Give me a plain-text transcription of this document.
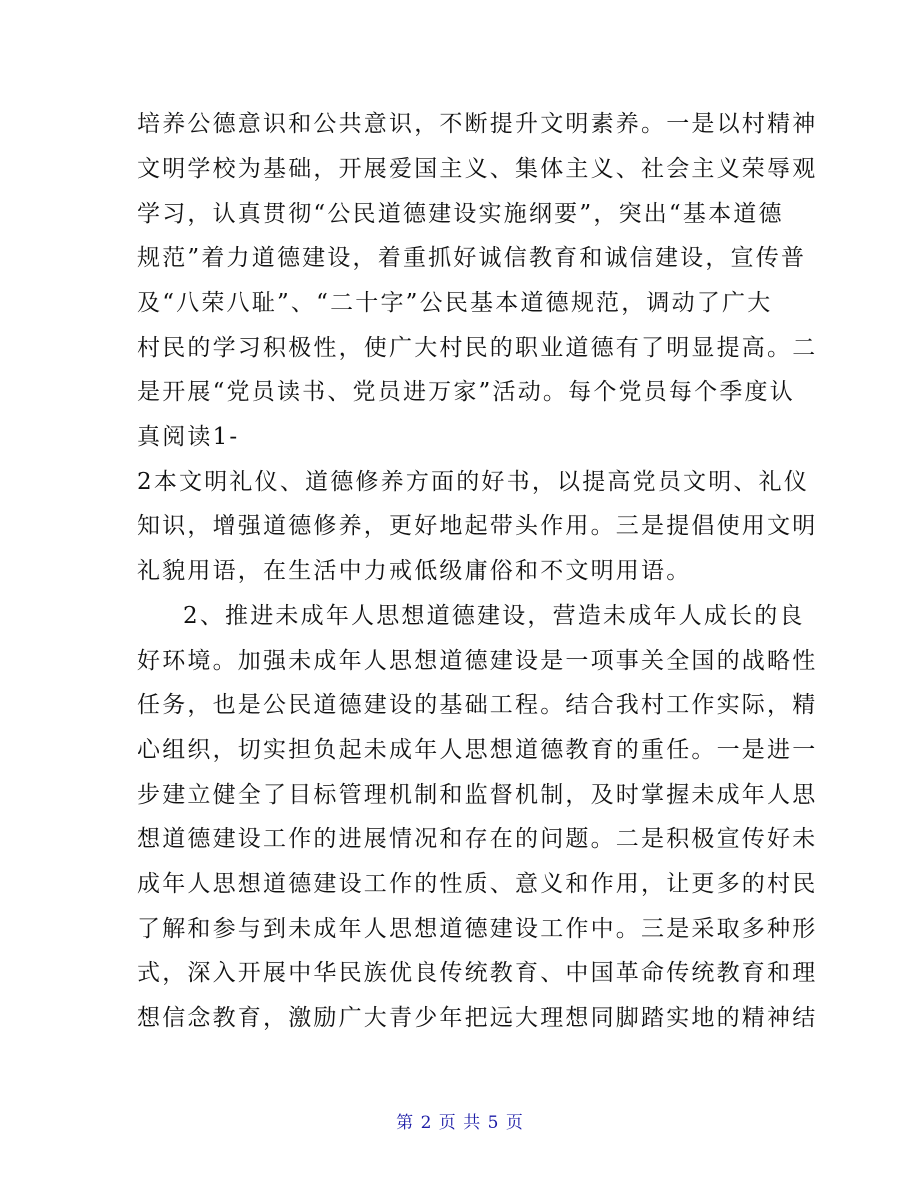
培养公德意识和公共意识，不断提升文明素养。一是以村精神

文明学校为基础，开展爱国主义、集体主义、社会主义荣辱观

学习，认真贯彻“公民道德建设实施纲要”，突出“基本道德

规范”着力道德建设，着重抓好诚信教育和诚信建设，宣传普

及“八荣八耻”、“二十字”公民基本道德规范，调动了广大

村民的学习积极性，使广大村民的职业道德有了明显提高。二

是开展“党员读书、党员进万家”活动。每个党员每个季度认

真阅读1-

2本文明礼仪、道德修养方面的好书，以提高党员文明、礼仪

知识，增强道德修养，更好地起带头作用。三是提倡使用文明

礼貌用语，在生活中力戒低级庸俗和不文明用语。

2、推进未成年人思想道德建设，营造未成年人成长的良

好环境。加强未成年人思想道德建设是一项事关全国的战略性

任务，也是公民道德建设的基础工程。结合我村工作实际，精

心组织，切实担负起未成年人思想道德教育的重任。一是进一

步建立健全了目标管理机制和监督机制，及时掌握未成年人思

想道德建设工作的进展情况和存在的问题。二是积极宣传好未

成年人思想道德建设工作的性质、意义和作用，让更多的村民

了解和参与到未成年人思想道德建设工作中。三是采取多种形

式，深入开展中华民族优良传统教育、中国革命传统教育和理

想信念教育，激励广大青少年把远大理想同脚踏实地的精神结

第 2 页 共 5 页
